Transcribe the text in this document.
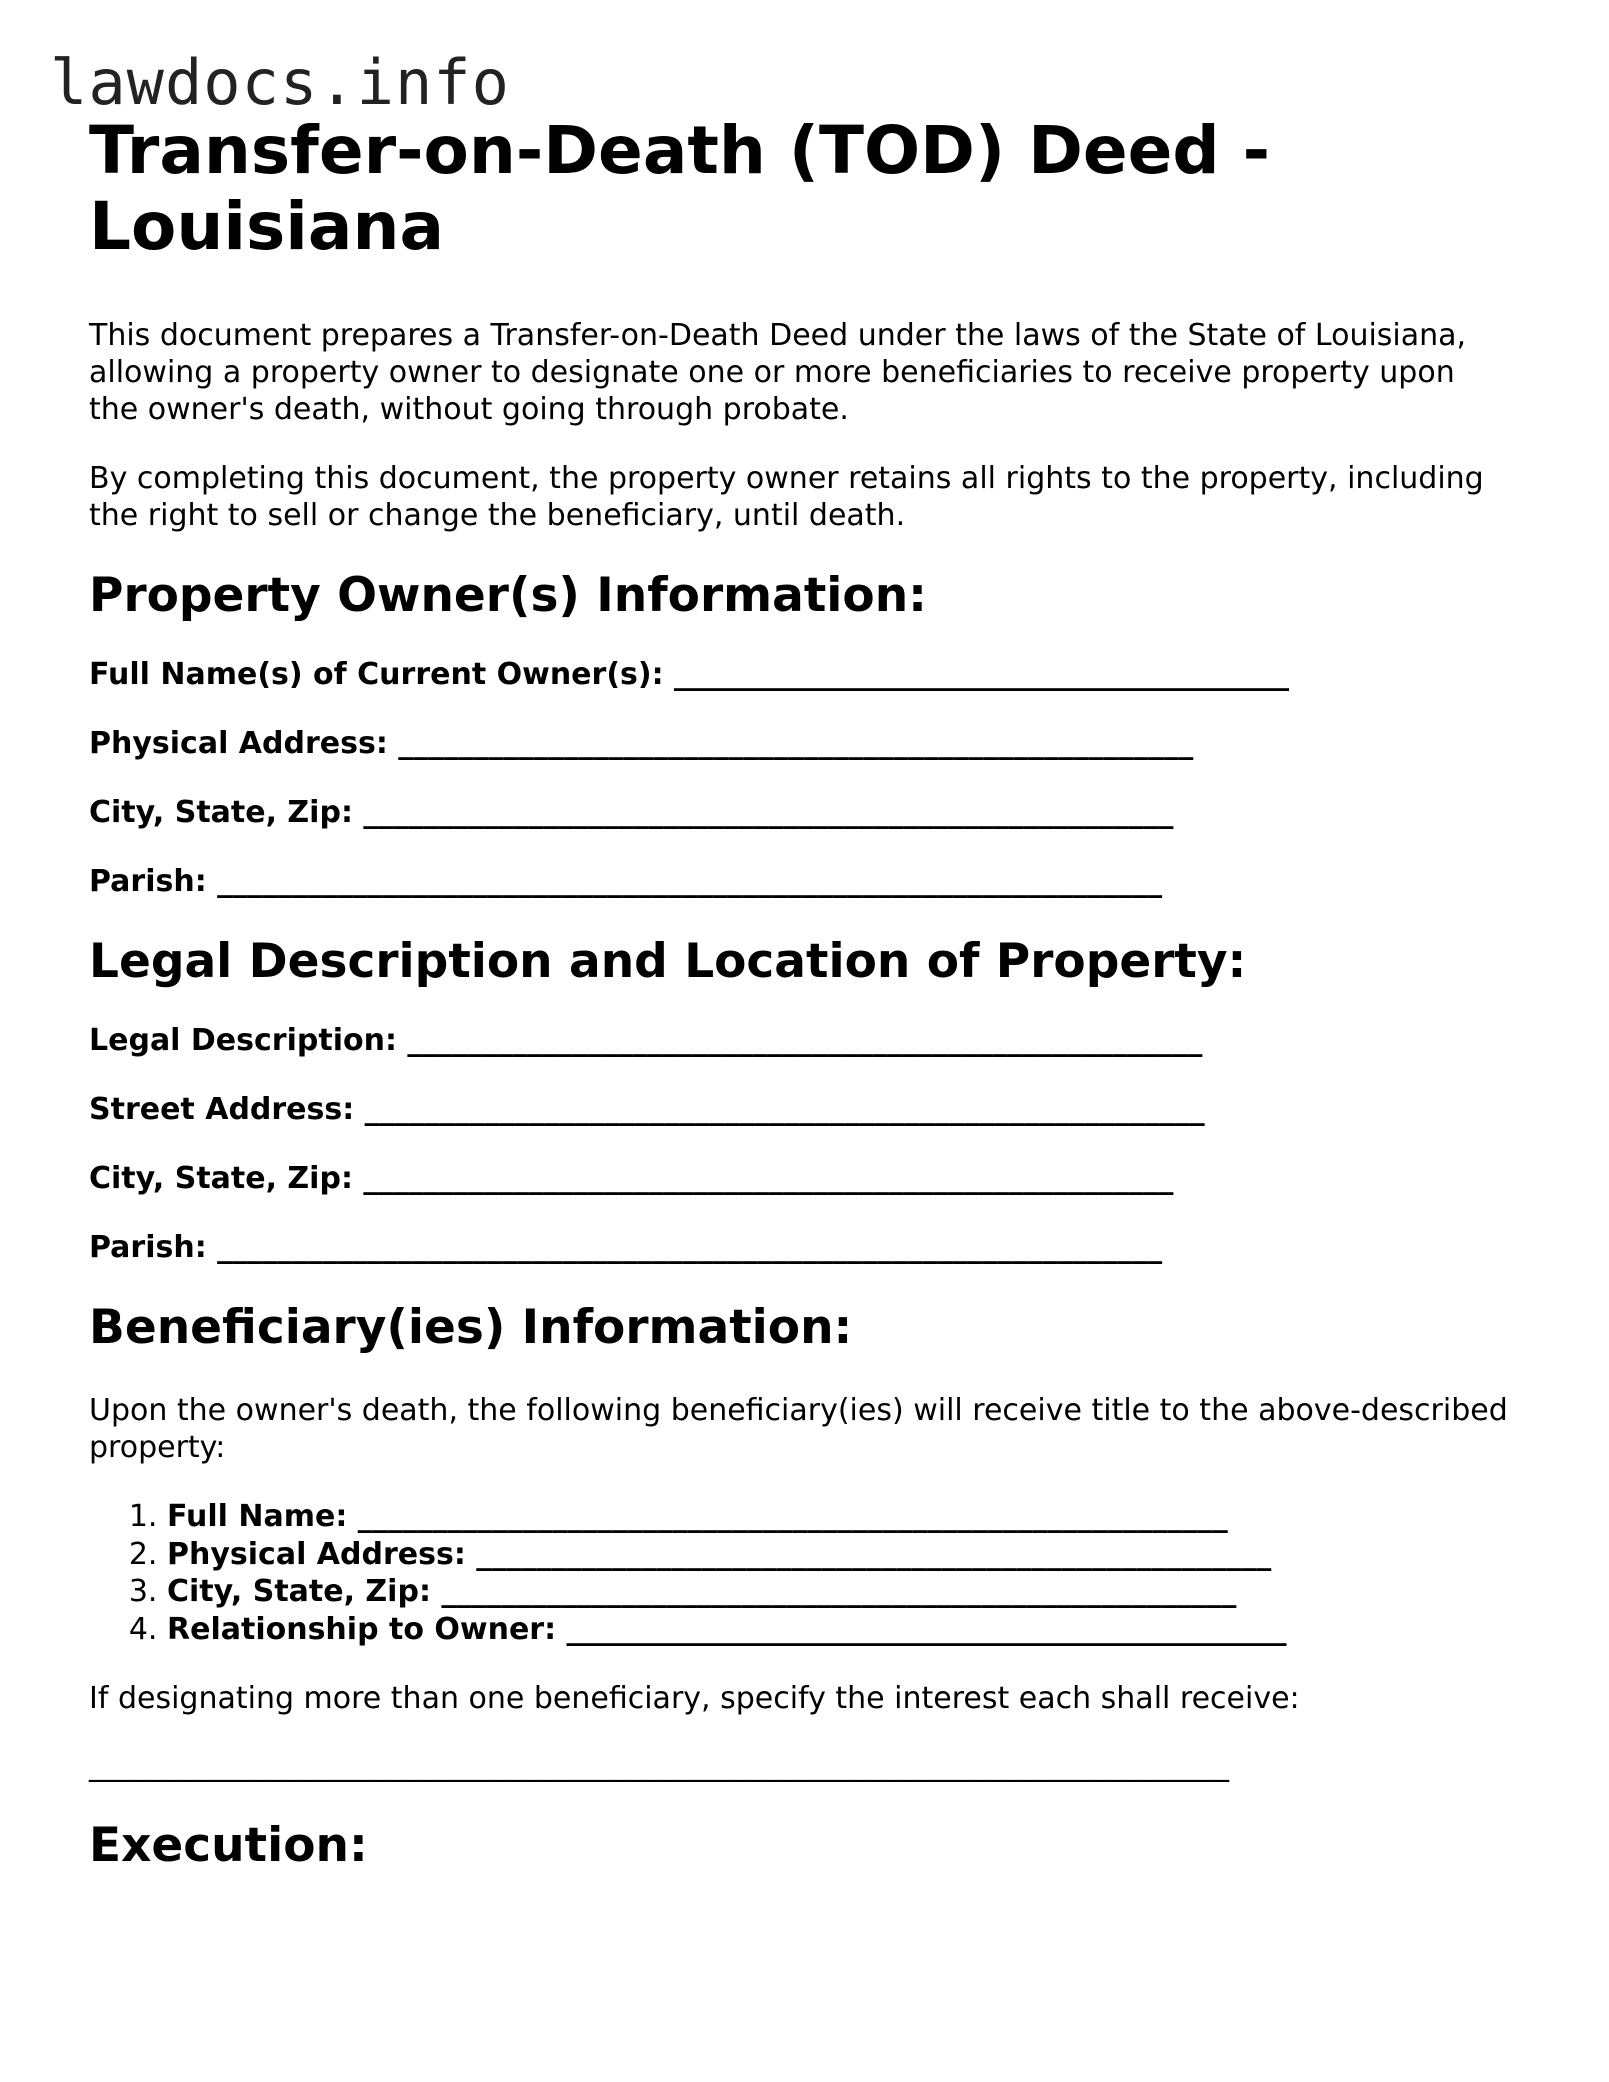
lawdocs.info
Transfer-on-Death (TOD) Deed - Louisiana

This document prepares a Transfer-on-Death Deed under the laws of the State of Louisiana, allowing a property owner to designate one or more beneficiaries to receive property upon the owner's death, without going through probate.

By completing this document, the property owner retains all rights to the property, including the right to sell or change the beneficiary, until death.

Property Owner(s) Information:
Full Name(s) of Current Owner(s): _________________________________________
Physical Address: _____________________________________________________
City, State, Zip: ______________________________________________________
Parish: _______________________________________________________________
Legal Description and Location of Property:
Legal Description: _____________________________________________________
Street Address: ________________________________________________________
City, State, Zip: ______________________________________________________
Parish: _______________________________________________________________
Beneficiary(ies) Information:

Upon the owner's death, the following beneficiary(ies) will receive title to the above-described property:

1. Full Name: __________________________________________________________
2. Physical Address: _____________________________________________________
3. City, State, Zip: _____________________________________________________
4. Relationship to Owner: ________________________________________________

If designating more than one beneficiary, specify the interest each shall receive:

____________________________________________________________________________
Execution:
